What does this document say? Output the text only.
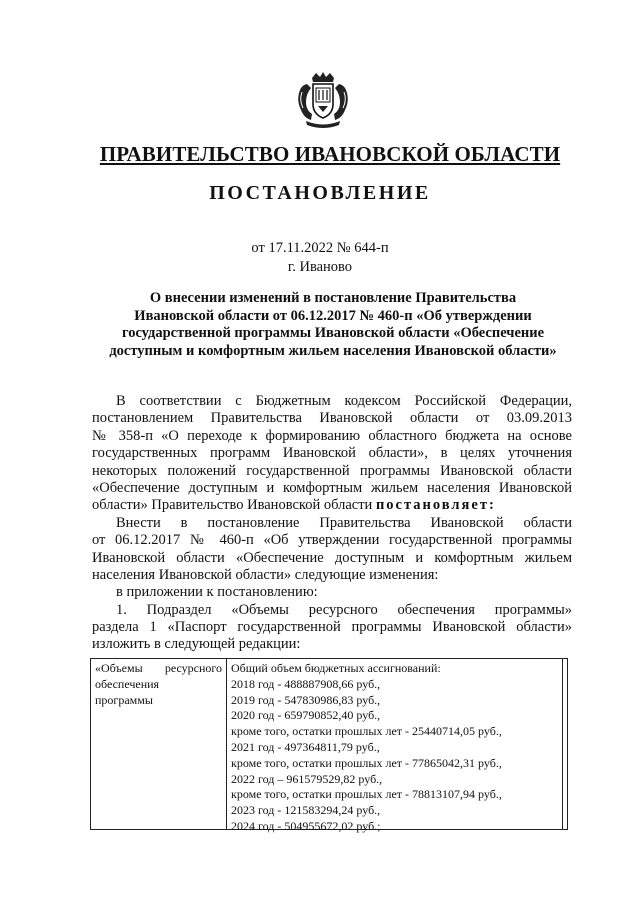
ПРАВИТЕЛЬСТВО ИВАНОВСКОЙ ОБЛАСТИ
ПОСТАНОВЛЕНИЕ
от 17.11.2022 № 644-п
г. Иваново
О внесении изменений в постановление Правительства
Ивановской области от 06.12.2017 № 460-п «Об утверждении
государственной программы Ивановской области «Обеспечение
доступным и комфортным жильем населения Ивановской области»
В соответствии с Бюджетным кодексом Российской Федерации,
постановлением Правительства Ивановской области от 03.09.2013
№ 358-п «О переходе к формированию областного бюджета на основе
государственных программ Ивановской области», в целях уточнения
некоторых положений государственной программы Ивановской области
«Обеспечение доступным и комфортным жильем населения Ивановской
области» Правительство Ивановской области постановляет:
Внести в постановление Правительства Ивановской области
от 06.12.2017 № 460-п «Об утверждении государственной программы
Ивановской области «Обеспечение доступным и комфортным жильем
населения Ивановской области» следующие изменения:
в приложении к постановлению:
1. Подраздел «Объемы ресурсного обеспечения программы»
раздела 1 «Паспорт государственной программы Ивановской области»
изложить в следующей редакции:
«Объемы ресурсного
обеспечения
программы
Общий объем бюджетных ассигнований:
2018 год - 488887908,66 руб.,
2019 год - 547830986,83 руб.,
2020 год - 659790852,40 руб.,
кроме того, остатки прошлых лет - 25440714,05 руб.,
2021 год - 497364811,79 руб.,
кроме того, остатки прошлых лет - 77865042,31 руб.,
2022 год – 961579529,82 руб.,
кроме того, остатки прошлых лет - 78813107,94 руб.,
2023 год - 121583294,24 руб.,
2024 год - 504955672,02 руб.;
